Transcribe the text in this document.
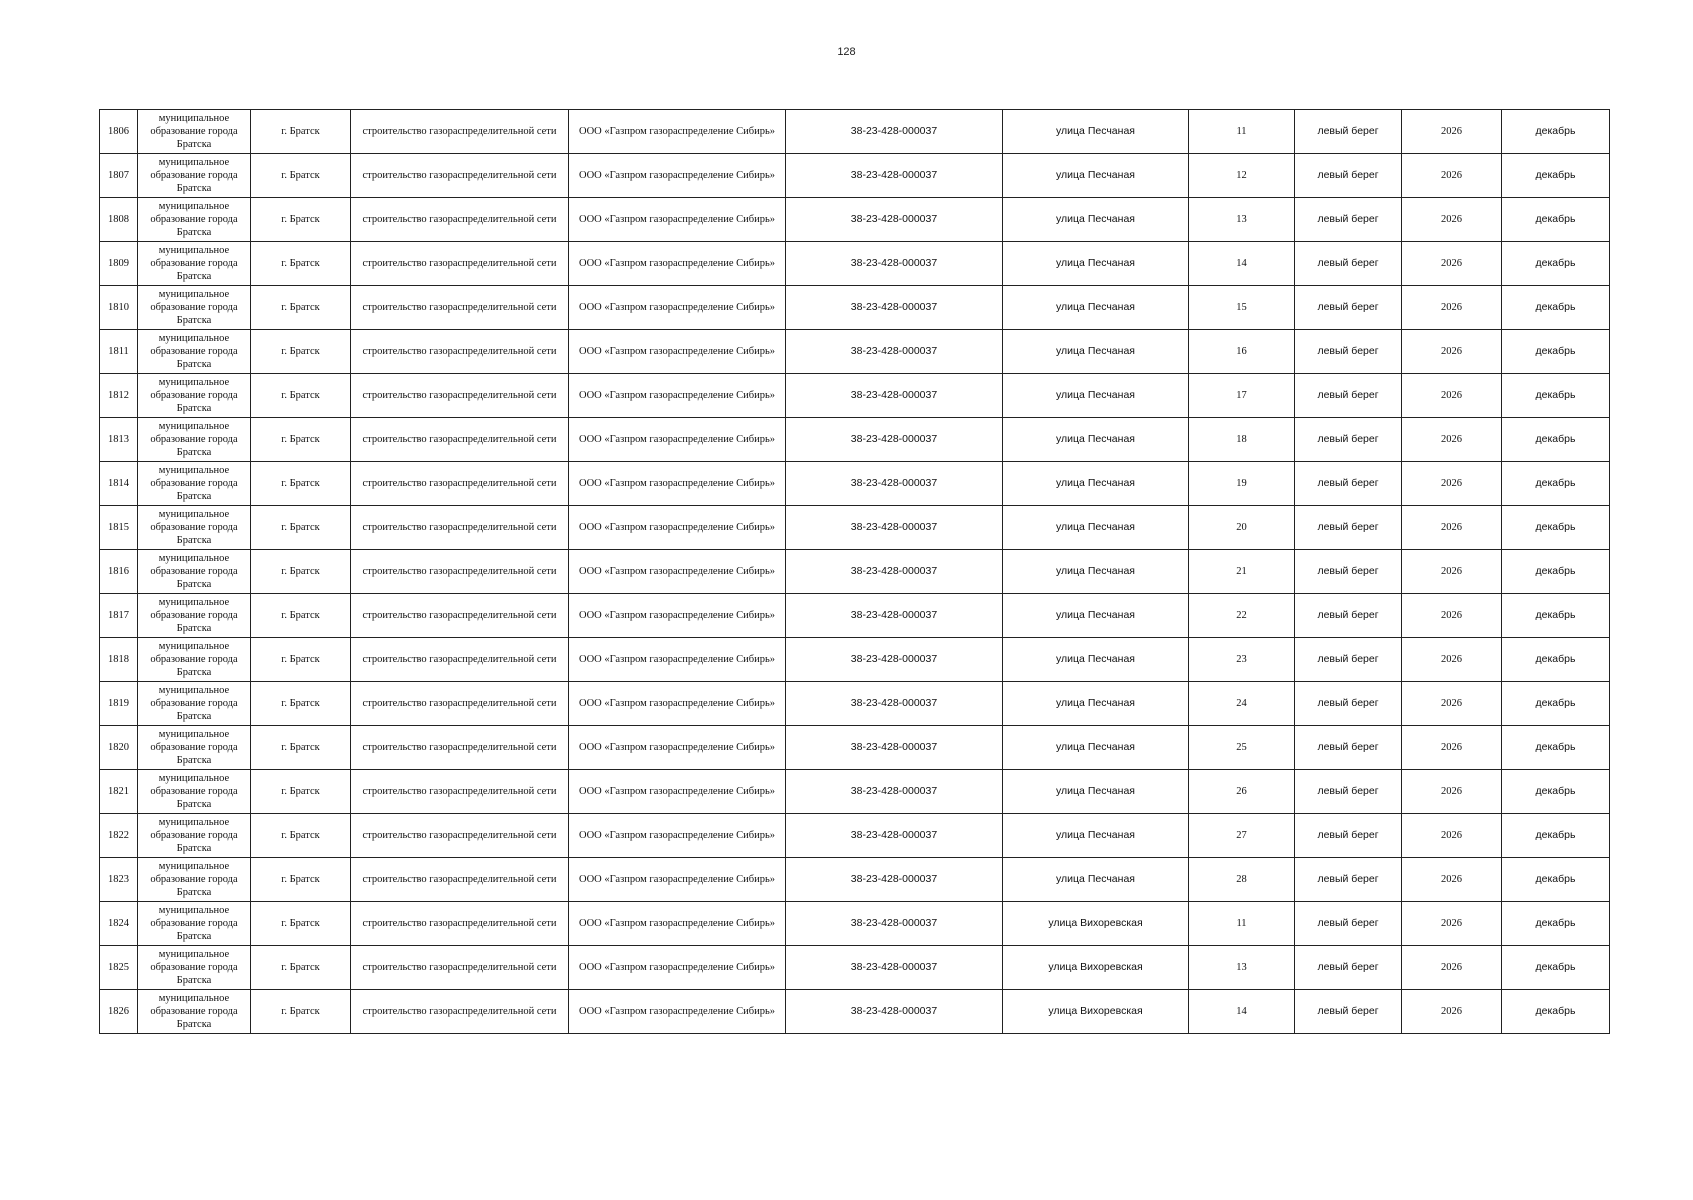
128
1806	муниципальное образование города Братска	г. Братск	строительство газораспределительной сети	ООО «Газпром газораспределение Сибирь»	38-23-428-000037	улица Песчаная	11	левый берег	2026	декабрь
1807	муниципальное образование города Братска	г. Братск	строительство газораспределительной сети	ООО «Газпром газораспределение Сибирь»	38-23-428-000037	улица Песчаная	12	левый берег	2026	декабрь
1808	муниципальное образование города Братска	г. Братск	строительство газораспределительной сети	ООО «Газпром газораспределение Сибирь»	38-23-428-000037	улица Песчаная	13	левый берег	2026	декабрь
1809	муниципальное образование города Братска	г. Братск	строительство газораспределительной сети	ООО «Газпром газораспределение Сибирь»	38-23-428-000037	улица Песчаная	14	левый берег	2026	декабрь
1810	муниципальное образование города Братска	г. Братск	строительство газораспределительной сети	ООО «Газпром газораспределение Сибирь»	38-23-428-000037	улица Песчаная	15	левый берег	2026	декабрь
1811	муниципальное образование города Братска	г. Братск	строительство газораспределительной сети	ООО «Газпром газораспределение Сибирь»	38-23-428-000037	улица Песчаная	16	левый берег	2026	декабрь
1812	муниципальное образование города Братска	г. Братск	строительство газораспределительной сети	ООО «Газпром газораспределение Сибирь»	38-23-428-000037	улица Песчаная	17	левый берег	2026	декабрь
1813	муниципальное образование города Братска	г. Братск	строительство газораспределительной сети	ООО «Газпром газораспределение Сибирь»	38-23-428-000037	улица Песчаная	18	левый берег	2026	декабрь
1814	муниципальное образование города Братска	г. Братск	строительство газораспределительной сети	ООО «Газпром газораспределение Сибирь»	38-23-428-000037	улица Песчаная	19	левый берег	2026	декабрь
1815	муниципальное образование города Братска	г. Братск	строительство газораспределительной сети	ООО «Газпром газораспределение Сибирь»	38-23-428-000037	улица Песчаная	20	левый берег	2026	декабрь
1816	муниципальное образование города Братска	г. Братск	строительство газораспределительной сети	ООО «Газпром газораспределение Сибирь»	38-23-428-000037	улица Песчаная	21	левый берег	2026	декабрь
1817	муниципальное образование города Братска	г. Братск	строительство газораспределительной сети	ООО «Газпром газораспределение Сибирь»	38-23-428-000037	улица Песчаная	22	левый берег	2026	декабрь
1818	муниципальное образование города Братска	г. Братск	строительство газораспределительной сети	ООО «Газпром газораспределение Сибирь»	38-23-428-000037	улица Песчаная	23	левый берег	2026	декабрь
1819	муниципальное образование города Братска	г. Братск	строительство газораспределительной сети	ООО «Газпром газораспределение Сибирь»	38-23-428-000037	улица Песчаная	24	левый берег	2026	декабрь
1820	муниципальное образование города Братска	г. Братск	строительство газораспределительной сети	ООО «Газпром газораспределение Сибирь»	38-23-428-000037	улица Песчаная	25	левый берег	2026	декабрь
1821	муниципальное образование города Братска	г. Братск	строительство газораспределительной сети	ООО «Газпром газораспределение Сибирь»	38-23-428-000037	улица Песчаная	26	левый берег	2026	декабрь
1822	муниципальное образование города Братска	г. Братск	строительство газораспределительной сети	ООО «Газпром газораспределение Сибирь»	38-23-428-000037	улица Песчаная	27	левый берег	2026	декабрь
1823	муниципальное образование города Братска	г. Братск	строительство газораспределительной сети	ООО «Газпром газораспределение Сибирь»	38-23-428-000037	улица Песчаная	28	левый берег	2026	декабрь
1824	муниципальное образование города Братска	г. Братск	строительство газораспределительной сети	ООО «Газпром газораспределение Сибирь»	38-23-428-000037	улица Вихоревская	11	левый берег	2026	декабрь
1825	муниципальное образование города Братска	г. Братск	строительство газораспределительной сети	ООО «Газпром газораспределение Сибирь»	38-23-428-000037	улица Вихоревская	13	левый берег	2026	декабрь
1826	муниципальное образование города Братска	г. Братск	строительство газораспределительной сети	ООО «Газпром газораспределение Сибирь»	38-23-428-000037	улица Вихоревская	14	левый берег	2026	декабрь
